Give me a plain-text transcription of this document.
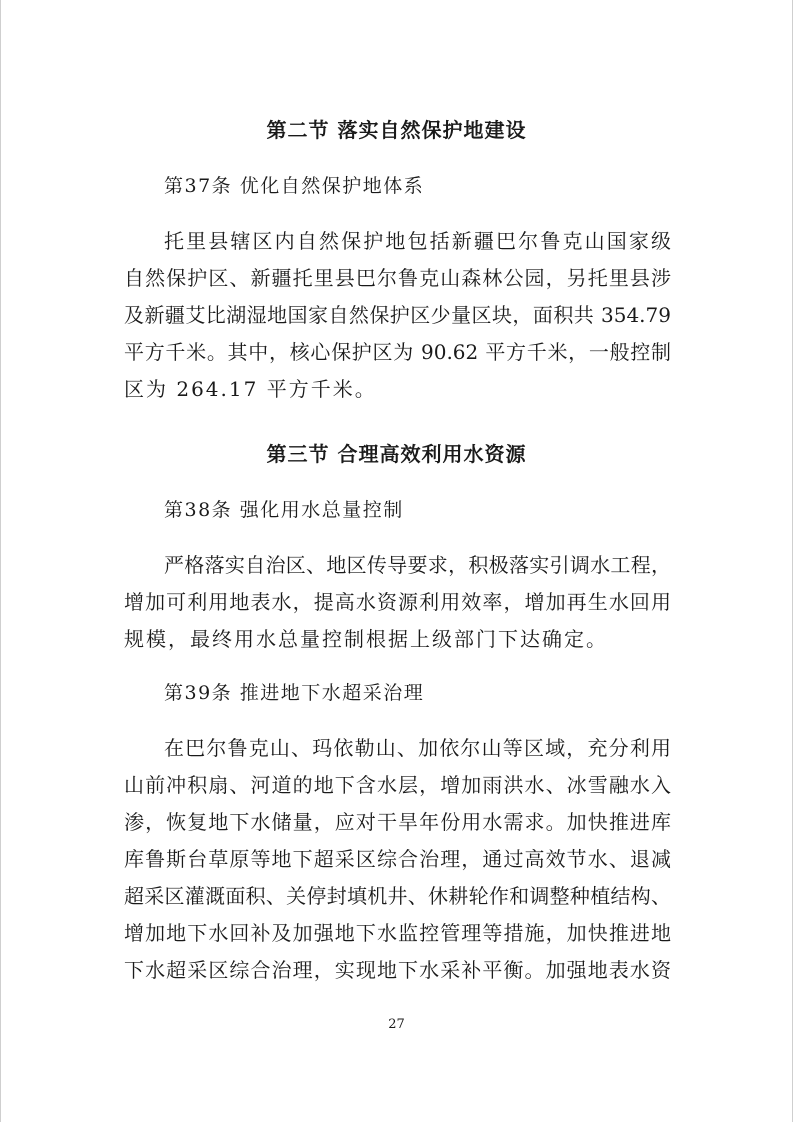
第二节 落实自然保护地建设
第37条 优化自然保护地体系
托里县辖区内自然保护地包括新疆巴尔鲁克山国家级
自然保护区、新疆托里县巴尔鲁克山森林公园，另托里县涉
及新疆艾比湖湿地国家自然保护区少量区块，面积共 354.79
平方千米。其中，核心保护区为 90.62 平方千米，一般控制
区为 264.17 平方千米。
第三节 合理高效利用水资源
第38条 强化用水总量控制
严格落实自治区、地区传导要求，积极落实引调水工程，
增加可利用地表水，提高水资源利用效率，增加再生水回用
规模，最终用水总量控制根据上级部门下达确定。
第39条 推进地下水超采治理
在巴尔鲁克山、玛依勒山、加依尔山等区域，充分利用
山前冲积扇、河道的地下含水层，增加雨洪水、冰雪融水入
渗，恢复地下水储量，应对干旱年份用水需求。加快推进库
库鲁斯台草原等地下超采区综合治理，通过高效节水、退减
超采区灌溉面积、关停封填机井、休耕轮作和调整种植结构、
增加地下水回补及加强地下水监控管理等措施，加快推进地
下水超采区综合治理，实现地下水采补平衡。加强地表水资
27
